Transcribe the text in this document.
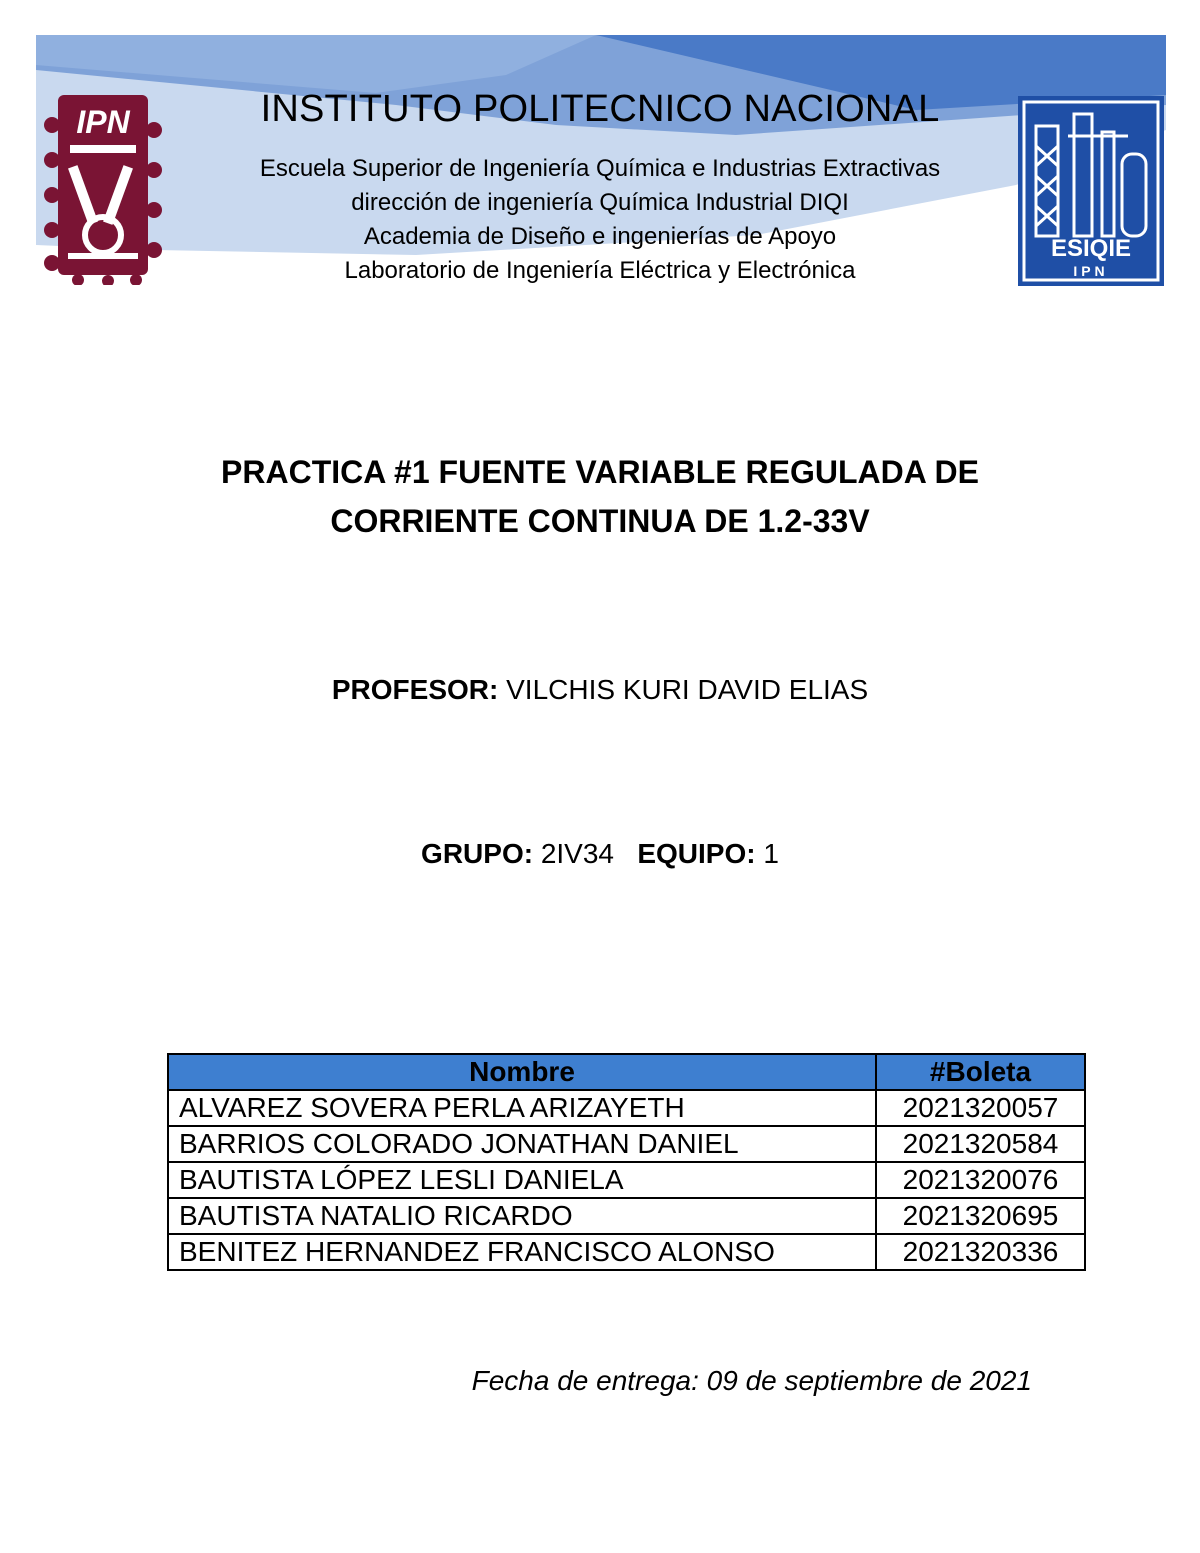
IPN
ESIQIE
IPN
INSTITUTO POLITECNICO NACIONAL
Escuela Superior de Ingeniería Química e Industrias Extractivas
dirección de ingeniería Química Industrial DIQI
Academia de Diseño e ingenierías de Apoyo
Laboratorio de Ingeniería Eléctrica y Electrónica
PRACTICA #1 FUENTE VARIABLE REGULADA DE
CORRIENTE CONTINUA DE 1.2-33V
PROFESOR: VILCHIS KURI DAVID ELIAS
GRUPO: 2IV34 EQUIPO: 1
Nombre	#Boleta
ALVAREZ SOVERA PERLA ARIZAYETH	2021320057
BARRIOS COLORADO JONATHAN DANIEL	2021320584
BAUTISTA LÓPEZ LESLI DANIELA	2021320076
BAUTISTA NATALIO RICARDO	2021320695
BENITEZ HERNANDEZ FRANCISCO ALONSO	2021320336
Fecha de entrega: 09 de septiembre de 2021
